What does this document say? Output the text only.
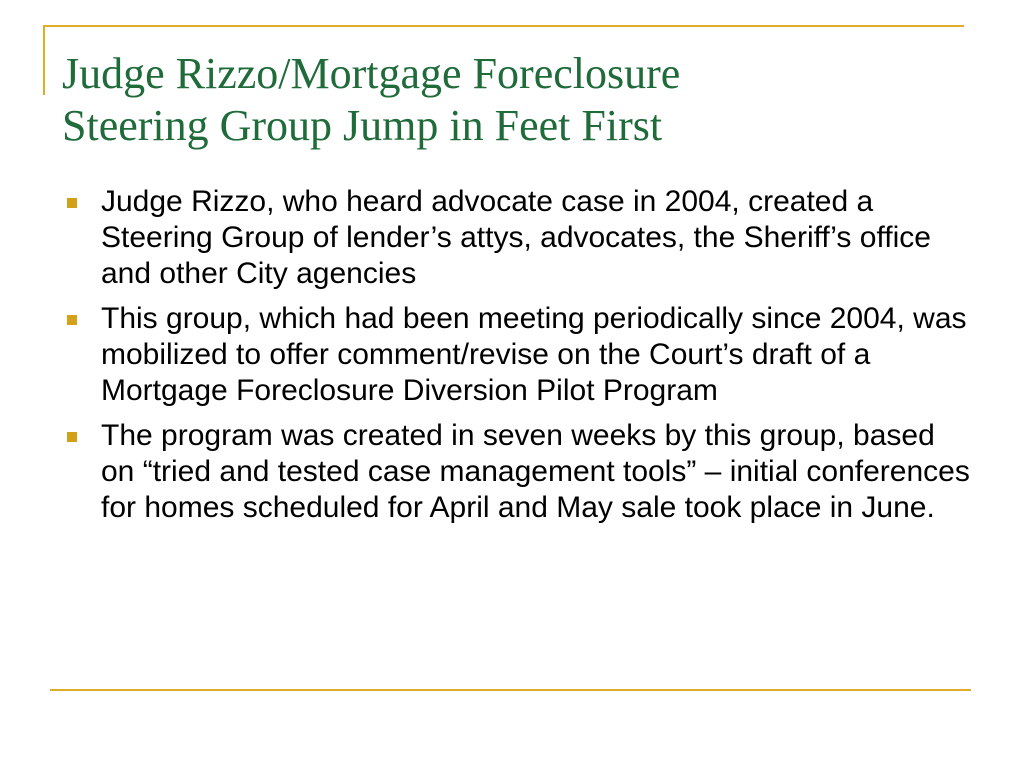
Judge Rizzo/Mortgage Foreclosure
Steering Group Jump in Feet First
Judge Rizzo, who heard advocate case in 2004, created a Steering Group of lender’s attys, advocates, the Sheriff’s office and other City agencies
This group, which had been meeting periodically since 2004, was mobilized to offer comment/revise on the Court’s draft of a Mortgage Foreclosure Diversion Pilot Program
The program was created in seven weeks by this group, based on “tried and tested case management tools” – initial conferences for homes scheduled for April and May sale took place in June.
